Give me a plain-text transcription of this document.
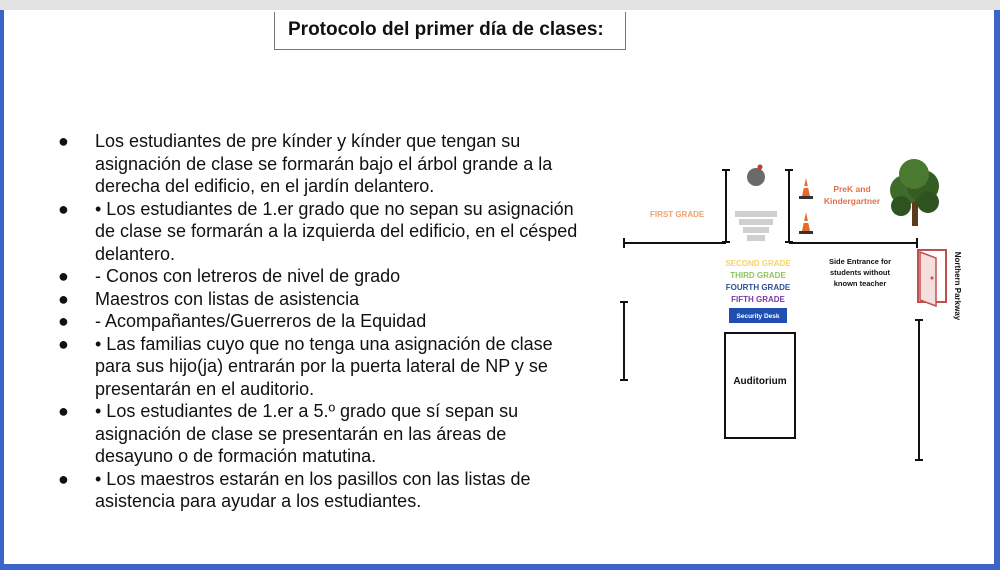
Protocolo del primer día de clases:
●	Los estudiantes de pre kínder y kínder que tengan su asignación de clase se formarán bajo el árbol grande a la derecha del edificio, en el jardín delantero.
●	• Los estudiantes de 1.er grado que no sepan su asignación de clase se formarán a la izquierda del edificio, en el césped delantero.
●	- Conos con letreros de nivel de grado
●	Maestros con listas de asistencia
●	- Acompañantes/Guerreros de la Equidad
●	• Las familias cuyo que no tenga una asignación de clase para sus hijo(ja) entrarán por la puerta lateral de NP y se presentarán en el auditorio.
●	• Los estudiantes de 1.er a 5.º grado que sí sepan su asignación de clase se presentarán en las áreas de desayuno o de formación matutina.
●	• Los maestros estarán en los pasillos con las listas de asistencia para ayudar a los estudiantes.
FIRST GRADE
PreK and
Kindergartner
SECOND GRADE
THIRD GRADE
FOURTH GRADE
FIFTH GRADE
Security Desk
Auditorium
Side Entrance for
students without
known teacher	Northern Parkway
